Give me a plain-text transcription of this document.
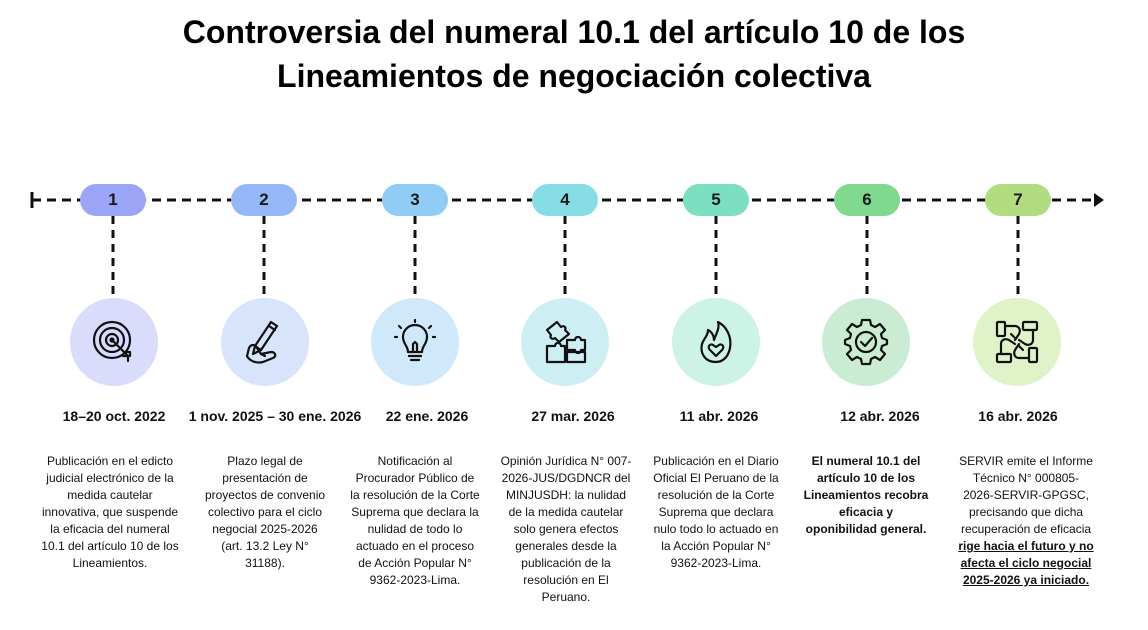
Controversia del numeral 10.1 del artículo 10 de los
Lineamientos de negociación colectiva
1
18–20 oct. 2022
Publicación en el edicto judicial electrónico de la medida cautelar innovativa, que suspende la eficacia del numeral 10.1 del artículo 10 de los Lineamientos.
2
1 nov. 2025 – 30 ene. 2026
Plazo legal de presentación de proyectos de convenio colectivo para el ciclo negocial 2025-2026 (art. 13.2 Ley N° 31188).
3
22 ene. 2026
Notificación al Procurador Público de la resolución de la Corte Suprema que declara la nulidad de todo lo actuado en el proceso de Acción Popular N° 9362-2023-Lima.
4
27 mar. 2026
Opinión Jurídica N° 007-2026-JUS/DGDNCR del MINJUSDH: la nulidad de la medida cautelar solo genera efectos generales desde la publicación de la resolución en El Peruano.
5
11 abr. 2026
Publicación en el Diario Oficial El Peruano de la resolución de la Corte Suprema que declara nulo todo lo actuado en la Acción Popular N° 9362-2023-Lima.
6
12 abr. 2026
El numeral 10.1 del artículo 10 de los Lineamientos recobra eficacia y oponibilidad general.
7
16 abr. 2026
SERVIR emite el Informe Técnico N° 000805-2026-SERVIR-GPGSC, precisando que dicha recuperación de eficacia rige hacia el futuro y no afecta el ciclo negocial 2025-2026 ya iniciado.
